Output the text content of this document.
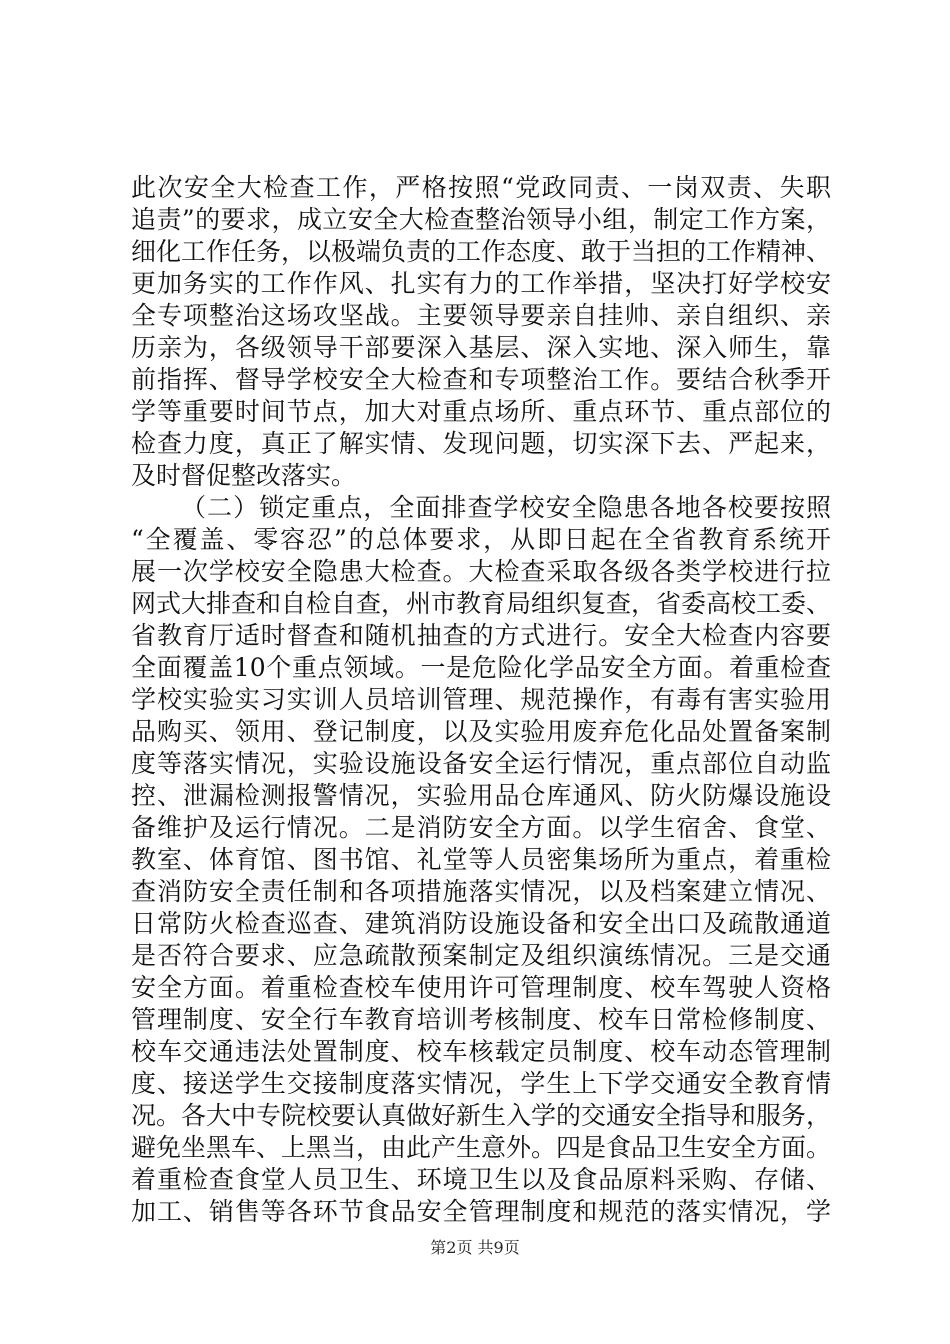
此次安全大检查工作，严格按照“党政同责、一岗双责、失职
追责”的要求，成立安全大检查整治领导小组，制定工作方案，
细化工作任务，以极端负责的工作态度、敢于当担的工作精神、
更加务实的工作作风、扎实有力的工作举措，坚决打好学校安
全专项整治这场攻坚战。主要领导要亲自挂帅、亲自组织、亲
历亲为，各级领导干部要深入基层、深入实地、深入师生，靠
前指挥、督导学校安全大检查和专项整治工作。要结合秋季开
学等重要时间节点，加大对重点场所、重点环节、重点部位的
检查力度，真正了解实情、发现问题，切实深下去、严起来，
及时督促整改落实。
（二）锁定重点，全面排查学校安全隐患各地各校要按照
“全覆盖、零容忍”的总体要求，从即日起在全省教育系统开
展一次学校安全隐患大检查。大检查采取各级各类学校进行拉
网式大排查和自检自查，州市教育局组织复查，省委高校工委、
省教育厅适时督查和随机抽查的方式进行。安全大检查内容要
全面覆盖10个重点领域。一是危险化学品安全方面。着重检查
学校实验实习实训人员培训管理、规范操作，有毒有害实验用
品购买、领用、登记制度，以及实验用废弃危化品处置备案制
度等落实情况，实验设施设备安全运行情况，重点部位自动监
控、泄漏检测报警情况，实验用品仓库通风、防火防爆设施设
备维护及运行情况。二是消防安全方面。以学生宿舍、食堂、
教室、体育馆、图书馆、礼堂等人员密集场所为重点，着重检
查消防安全责任制和各项措施落实情况，以及档案建立情况、
日常防火检查巡查、建筑消防设施设备和安全出口及疏散通道
是否符合要求、应急疏散预案制定及组织演练情况。三是交通
安全方面。着重检查校车使用许可管理制度、校车驾驶人资格
管理制度、安全行车教育培训考核制度、校车日常检修制度、
校车交通违法处置制度、校车核载定员制度、校车动态管理制
度、接送学生交接制度落实情况，学生上下学交通安全教育情
况。各大中专院校要认真做好新生入学的交通安全指导和服务，
避免坐黑车、上黑当，由此产生意外。四是食品卫生安全方面。
着重检查食堂人员卫生、环境卫生以及食品原料采购、存储、
加工、销售等各环节食品安全管理制度和规范的落实情况，学
第2页 共9页
